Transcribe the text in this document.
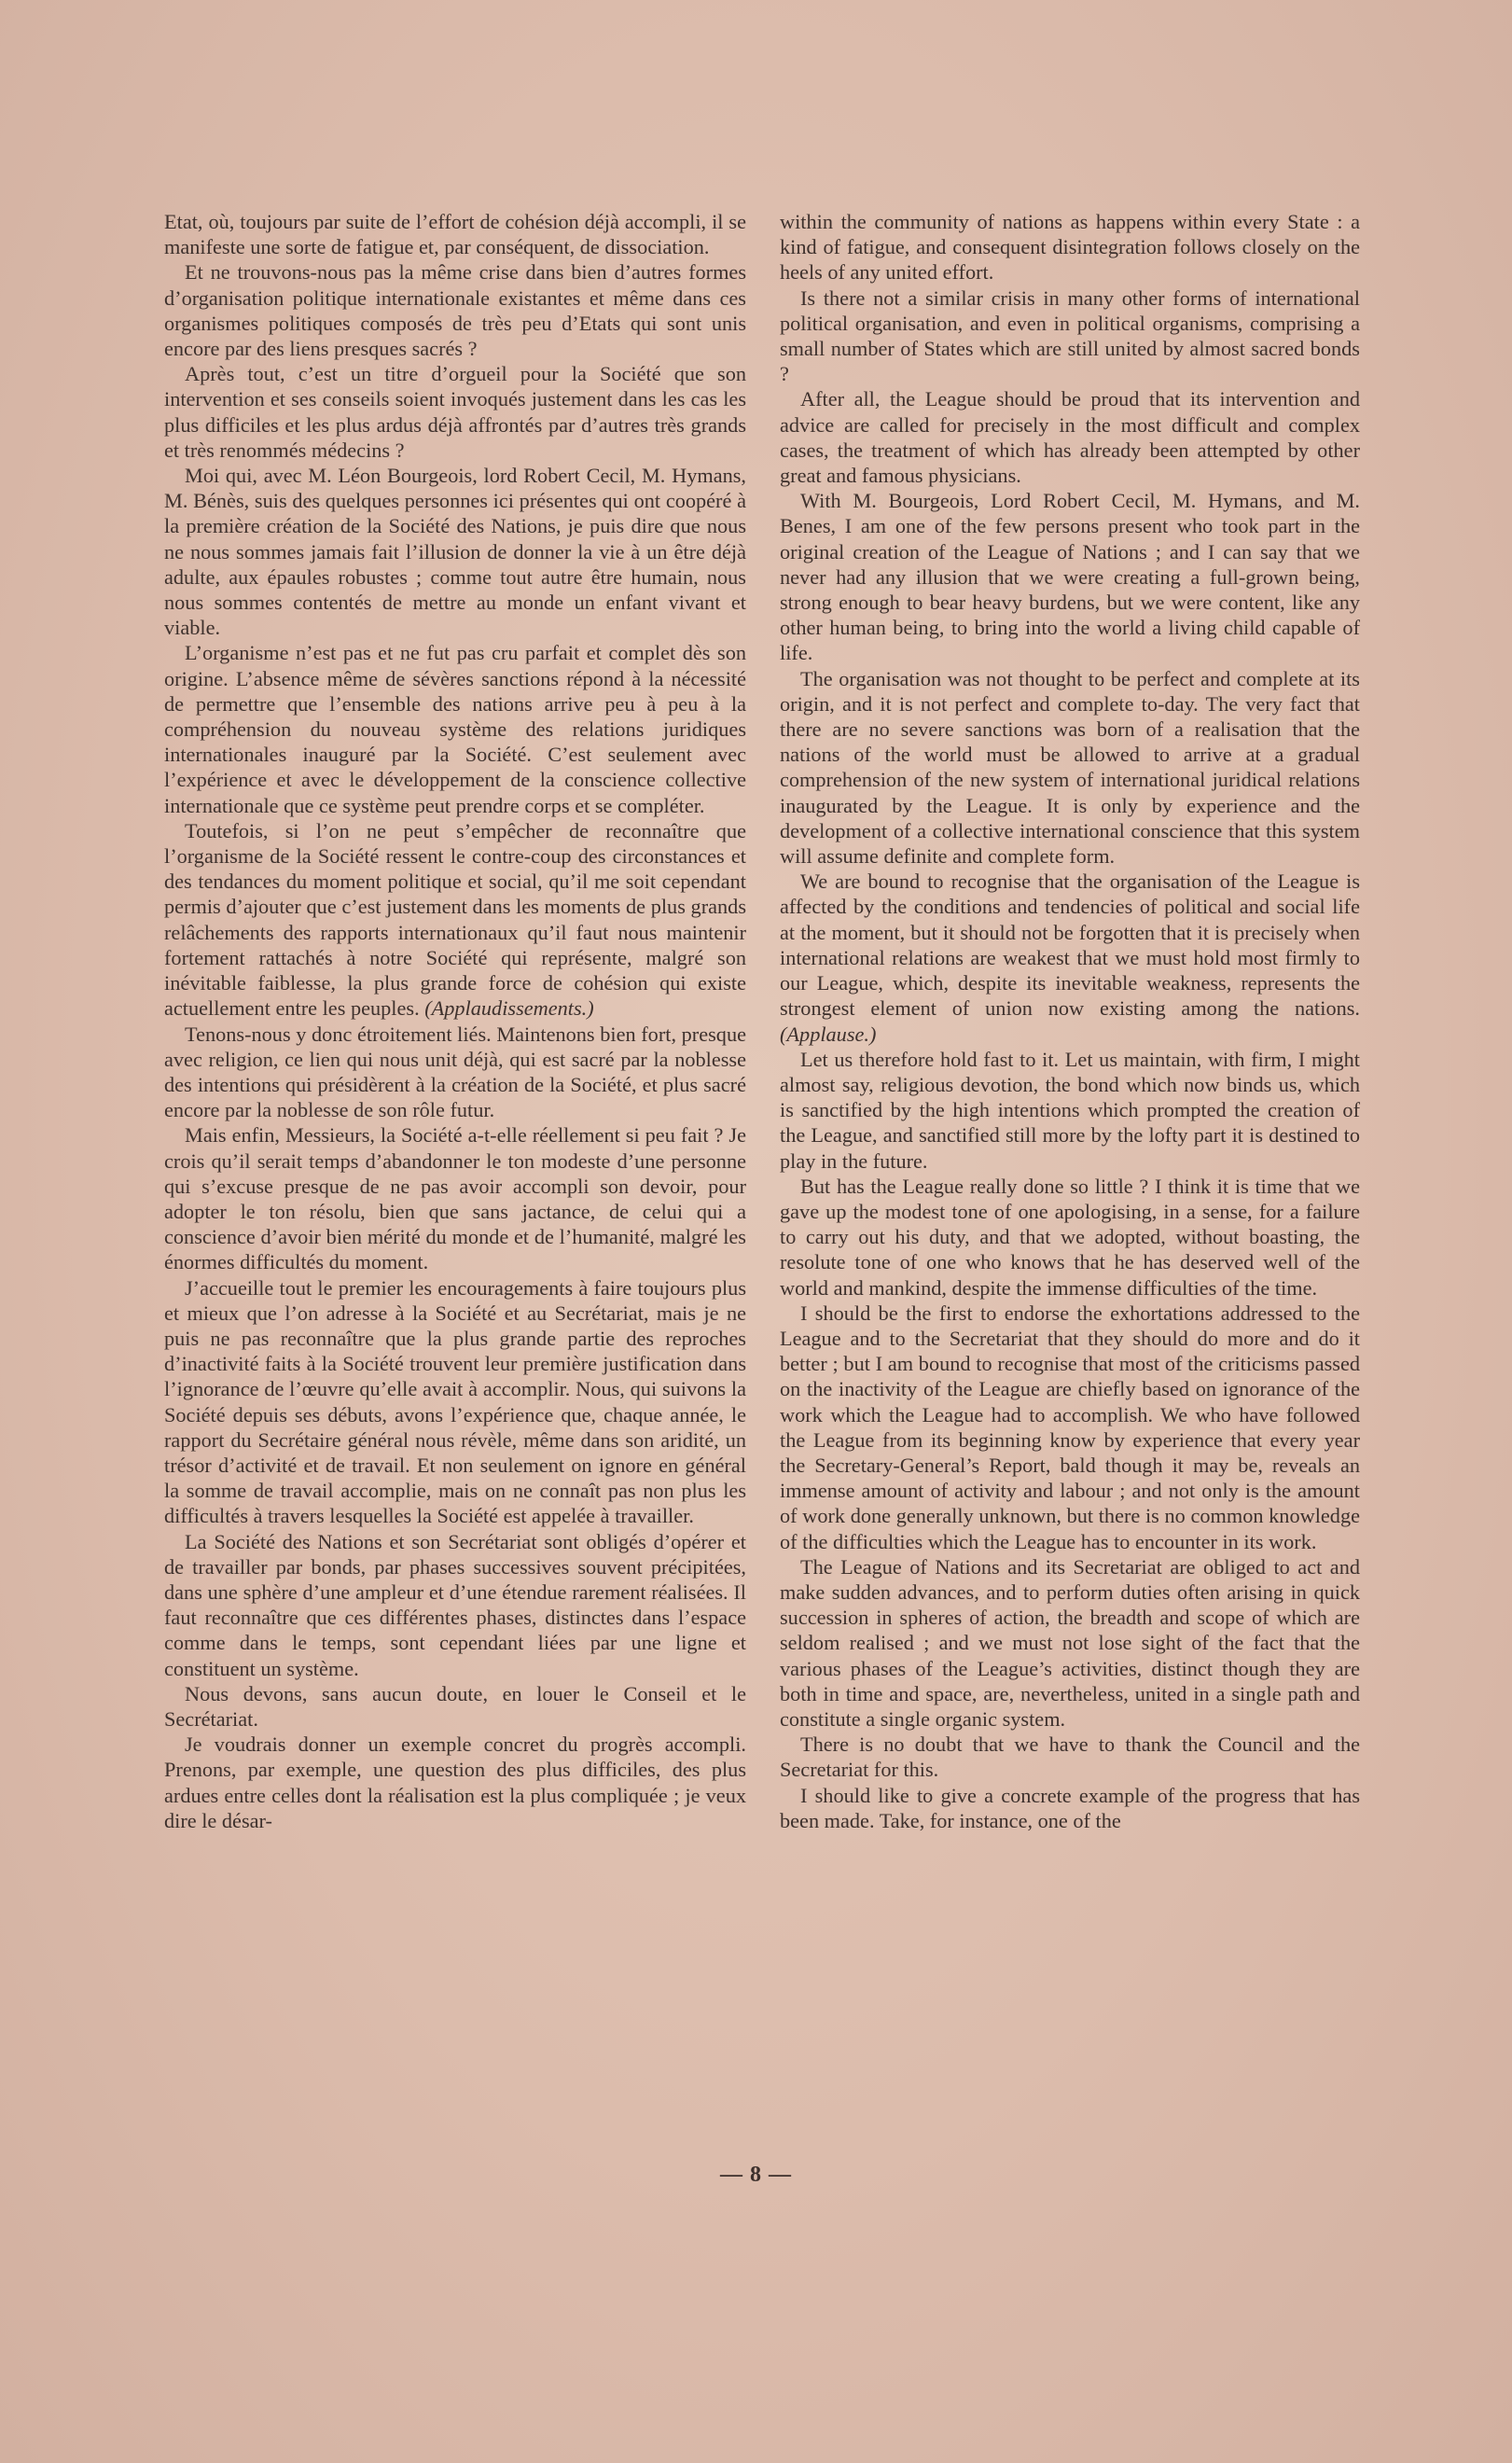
Etat, où, toujours par suite de l’effort de cohésion déjà accompli, il se manifeste une sorte de fatigue et, par conséquent, de dissociation.

Et ne trouvons-nous pas la même crise dans bien d’autres formes d’organisation politique internationale existantes et même dans ces organismes politiques composés de très peu d’Etats qui sont unis encore par des liens presques sacrés ?

Après tout, c’est un titre d’orgueil pour la Société que son intervention et ses conseils soient invoqués justement dans les cas les plus difficiles et les plus ardus déjà affrontés par d’autres très grands et très renommés médecins ?

Moi qui, avec M. Léon Bourgeois, lord Robert Cecil, M. Hymans, M. Bénès, suis des quelques personnes ici présentes qui ont coopéré à la première création de la Société des Nations, je puis dire que nous ne nous sommes jamais fait l’illusion de donner la vie à un être déjà adulte, aux épaules robustes ; comme tout autre être humain, nous nous sommes contentés de mettre au monde un enfant vivant et viable.

L’organisme n’est pas et ne fut pas cru parfait et complet dès son origine. L’absence même de sévères sanctions répond à la nécessité de permettre que l’ensemble des nations arrive peu à peu à la compréhension du nouveau système des relations juridiques internationales inauguré par la Société. C’est seulement avec l’expérience et avec le développement de la conscience collective internationale que ce système peut prendre corps et se compléter.

Toutefois, si l’on ne peut s’empêcher de reconnaître que l’organisme de la Société ressent le contre-coup des circonstances et des tendances du moment politique et social, qu’il me soit cependant permis d’ajouter que c’est justement dans les moments de plus grands relâchements des rapports internationaux qu’il faut nous maintenir fortement rattachés à notre Société qui représente, malgré son inévitable faiblesse, la plus grande force de cohésion qui existe actuellement entre les peuples. (Applaudissements.)

Tenons-nous y donc étroitement liés. Maintenons bien fort, presque avec religion, ce lien qui nous unit déjà, qui est sacré par la noblesse des intentions qui présidèrent à la création de la Société, et plus sacré encore par la noblesse de son rôle futur.

Mais enfin, Messieurs, la Société a-t-elle réellement si peu fait ? Je crois qu’il serait temps d’abandonner le ton modeste d’une personne qui s’excuse presque de ne pas avoir accompli son devoir, pour adopter le ton résolu, bien que sans jactance, de celui qui a conscience d’avoir bien mérité du monde et de l’humanité, malgré les énormes difficultés du moment.

J’accueille tout le premier les encouragements à faire toujours plus et mieux que l’on adresse à la Société et au Secrétariat, mais je ne puis ne pas reconnaître que la plus grande partie des reproches d’inactivité faits à la Société trouvent leur première justification dans l’ignorance de l’œuvre qu’elle avait à accomplir. Nous, qui suivons la Société depuis ses débuts, avons l’expérience que, chaque année, le rapport du Secrétaire général nous révèle, même dans son aridité, un trésor d’activité et de travail. Et non seulement on ignore en général la somme de travail accomplie, mais on ne connaît pas non plus les difficultés à travers lesquelles la Société est appelée à travailler.

La Société des Nations et son Secrétariat sont obligés d’opérer et de travailler par bonds, par phases successives souvent précipitées, dans une sphère d’une ampleur et d’une étendue rarement réalisées. Il faut reconnaître que ces différentes phases, distinctes dans l’espace comme dans le temps, sont cependant liées par une ligne et constituent un système.

Nous devons, sans aucun doute, en louer le Conseil et le Secrétariat.

Je voudrais donner un exemple concret du progrès accompli. Prenons, par exemple, une question des plus difficiles, des plus ardues entre celles dont la réalisation est la plus compliquée ; je veux dire le désar-

within the community of nations as happens within every State : a kind of fatigue, and consequent disintegration follows closely on the heels of any united effort.

Is there not a similar crisis in many other forms of international political organisation, and even in political organisms, comprising a small number of States which are still united by almost sacred bonds ?

After all, the League should be proud that its intervention and advice are called for precisely in the most difficult and complex cases, the treatment of which has already been attempted by other great and famous physicians.

With M. Bourgeois, Lord Robert Cecil, M. Hymans, and M. Benes, I am one of the few persons present who took part in the original creation of the League of Nations ; and I can say that we never had any illusion that we were creating a full-grown being, strong enough to bear heavy burdens, but we were content, like any other human being, to bring into the world a living child capable of life.

The organisation was not thought to be perfect and complete at its origin, and it is not perfect and complete to-day. The very fact that there are no severe sanctions was born of a realisation that the nations of the world must be allowed to arrive at a gradual comprehension of the new system of international juridical relations inaugurated by the League. It is only by experience and the development of a collective international conscience that this system will assume definite and complete form.

We are bound to recognise that the organisation of the League is affected by the conditions and tendencies of political and social life at the moment, but it should not be forgotten that it is precisely when international relations are weakest that we must hold most firmly to our League, which, despite its inevitable weakness, represents the strongest element of union now existing among the nations. (Applause.)

Let us therefore hold fast to it. Let us maintain, with firm, I might almost say, religious devotion, the bond which now binds us, which is sanctified by the high intentions which prompted the creation of the League, and sanctified still more by the lofty part it is destined to play in the future.

But has the League really done so little ? I think it is time that we gave up the modest tone of one apologising, in a sense, for a failure to carry out his duty, and that we adopted, without boasting, the resolute tone of one who knows that he has deserved well of the world and mankind, despite the immense difficulties of the time.

I should be the first to endorse the exhortations addressed to the League and to the Secretariat that they should do more and do it better ; but I am bound to recognise that most of the criticisms passed on the inactivity of the League are chiefly based on ignorance of the work which the League had to accomplish. We who have followed the League from its beginning know by experience that every year the Secretary-General’s Report, bald though it may be, reveals an immense amount of activity and labour ; and not only is the amount of work done generally unknown, but there is no common knowledge of the difficulties which the League has to encounter in its work.

The League of Nations and its Secretariat are obliged to act and make sudden advances, and to perform duties often arising in quick succession in spheres of action, the breadth and scope of which are seldom realised ; and we must not lose sight of the fact that the various phases of the League’s activities, distinct though they are both in time and space, are, nevertheless, united in a single path and constitute a single organic system.

There is no doubt that we have to thank the Council and the Secretariat for this.

I should like to give a concrete example of the progress that has been made. Take, for instance, one of the

— 8 —
